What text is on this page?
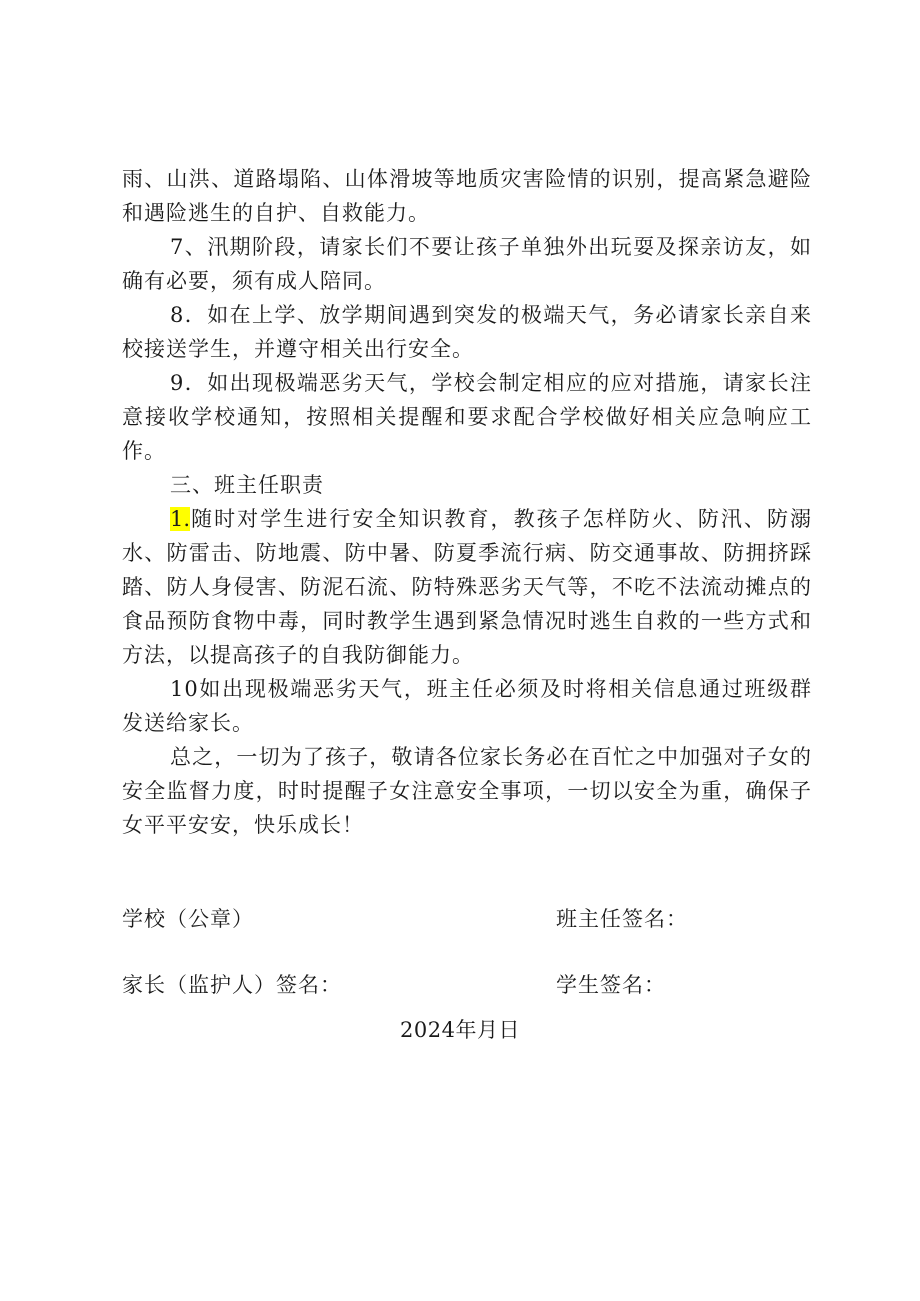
雨、山洪、道路塌陷、山体滑坡等地质灾害险情的识别，提高紧急避险和遇险逃生的自护、自救能力。

7、汛期阶段，请家长们不要让孩子单独外出玩耍及探亲访友，如确有必要，须有成人陪同。

8．如在上学、放学期间遇到突发的极端天气，务必请家长亲自来校接送学生，并遵守相关出行安全。

9．如出现极端恶劣天气，学校会制定相应的应对措施，请家长注意接收学校通知，按照相关提醒和要求配合学校做好相关应急响应工作。

三、班主任职责

1.随时对学生进行安全知识教育，教孩子怎样防火、防汛、防溺水、防雷击、防地震、防中暑、防夏季流行病、防交通事故、防拥挤踩踏、防人身侵害、防泥石流、防特殊恶劣天气等，不吃不法流动摊点的食品预防食物中毒，同时教学生遇到紧急情况时逃生自救的一些方式和方法，以提高孩子的自我防御能力。

10如出现极端恶劣天气，班主任必须及时将相关信息通过班级群发送给家长。

总之，一切为了孩子，敬请各位家长务必在百忙之中加强对子女的安全监督力度，时时提醒子女注意安全事项，一切以安全为重，确保子女平平安安，快乐成长！

学校（公章）	班主任签名：
家长（监护人）签名：	学生签名：
2024年月日
